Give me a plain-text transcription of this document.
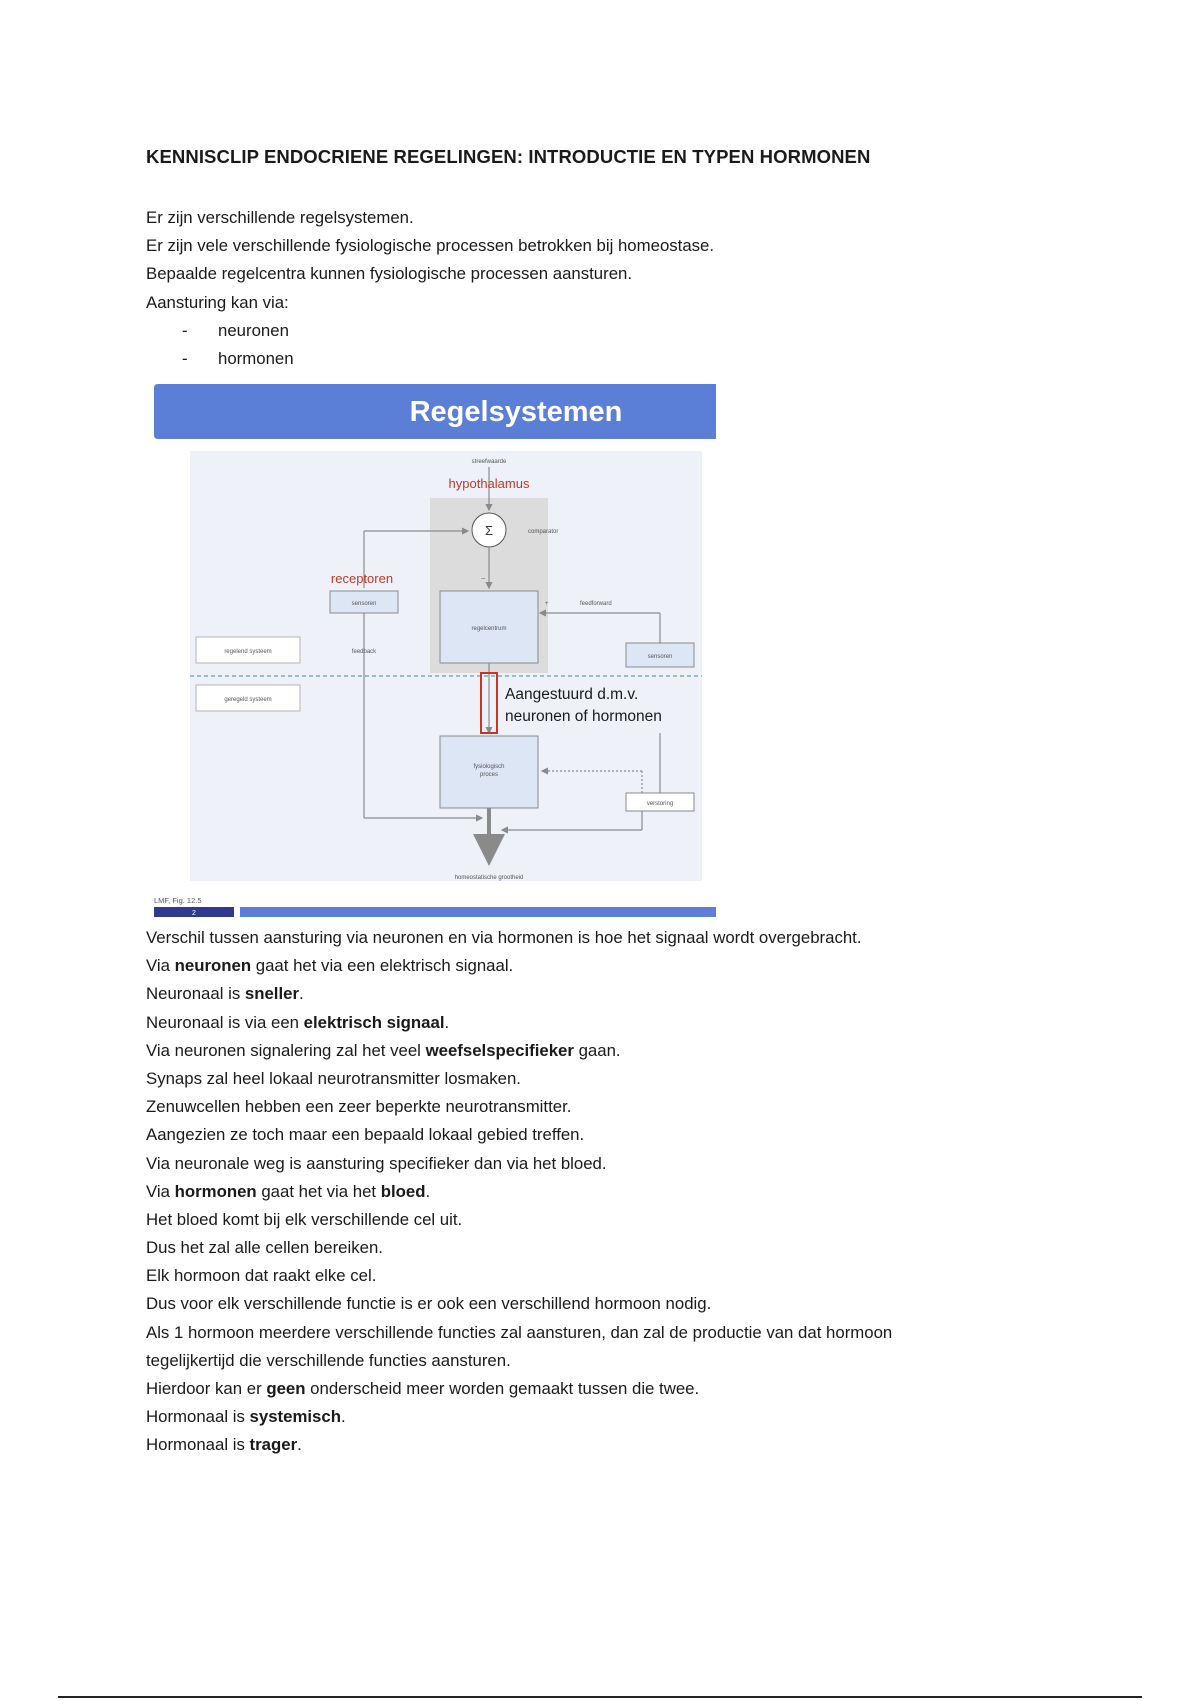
KENNISCLIP ENDOCRIENE REGELINGEN: INTRODUCTIE EN TYPEN HORMONEN
Er zijn verschillende regelsystemen.
Er zijn vele verschillende fysiologische processen betrokken bij homeostase.
Bepaalde regelcentra kunnen fysiologische processen aansturen.
Aansturing kan via:
- neuronen
- hormonen
Regelsystemen
streefwaarde
hypothalamus
Σ	comparator
−
receptoren
sensoren
feedback
regelcentrum
+	feedforward
sensoren
regelend systeem
geregeld systeem	Aangestuurd d.m.v.
neuronen of hormonen
fysiologisch
proces
verstoring
homeostatische grootheid
LMF, Fig. 12.5
2
Verschil tussen aansturing via neuronen en via hormonen is hoe het signaal wordt overgebracht.
Via neuronen gaat het via een elektrisch signaal.
Neuronaal is sneller.
Neuronaal is via een elektrisch signaal.
Via neuronen signalering zal het veel weefselspecifieker gaan.
Synaps zal heel lokaal neurotransmitter losmaken.
Zenuwcellen hebben een zeer beperkte neurotransmitter.
Aangezien ze toch maar een bepaald lokaal gebied treffen.
Via neuronale weg is aansturing specifieker dan via het bloed.
Via hormonen gaat het via het bloed.
Het bloed komt bij elk verschillende cel uit.
Dus het zal alle cellen bereiken.
Elk hormoon dat raakt elke cel.
Dus voor elk verschillende functie is er ook een verschillend hormoon nodig.
Als 1 hormoon meerdere verschillende functies zal aansturen, dan zal de productie van dat hormoon
tegelijkertijd die verschillende functies aansturen.
Hierdoor kan er geen onderscheid meer worden gemaakt tussen die twee.
Hormonaal is systemisch.
Hormonaal is trager.
